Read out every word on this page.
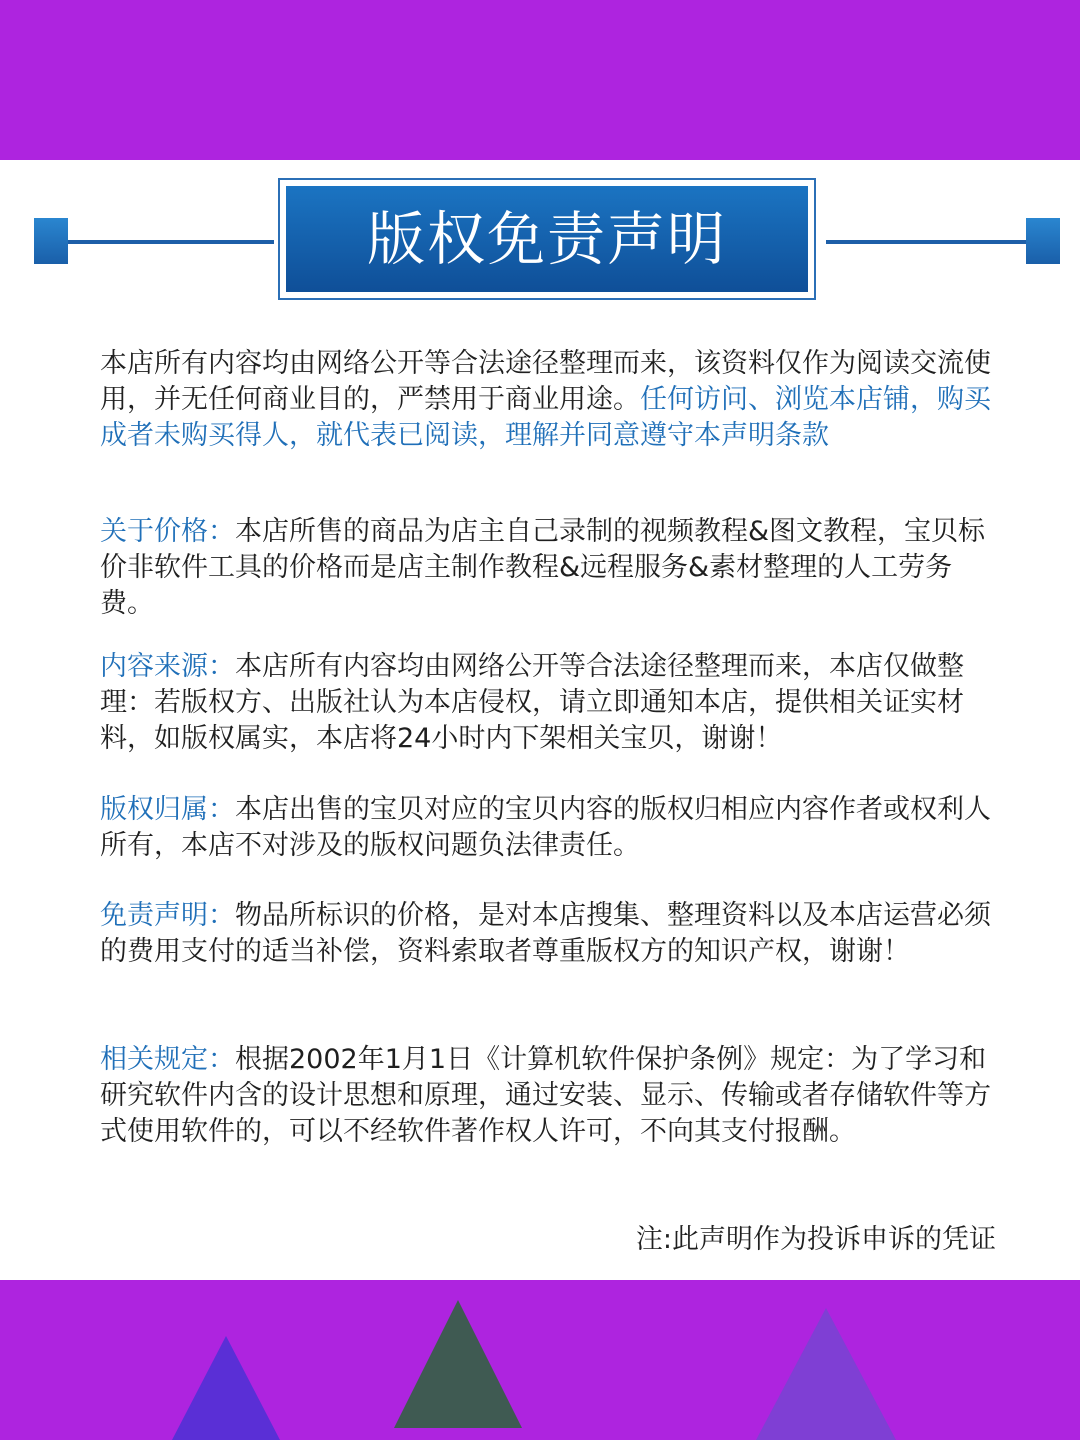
版权免责声明

本店所有内容均由网络公开等合法途径整理而来，该资料仅作为阅读交流使用，并无任何商业目的，严禁用于商业用途。任何访问、浏览本店铺，购买成者未购买得人，就代表已阅读，理解并同意遵守本声明条款

关于价格：本店所售的商品为店主自己录制的视频教程&图文教程，宝贝标价非软件工具的价格而是店主制作教程&远程服务&素材整理的人工劳务费。

内容来源：本店所有内容均由网络公开等合法途径整理而来，本店仅做整理：若版权方、出版社认为本店侵权，请立即通知本店，提供相关证实材料，如版权属实，本店将24小时内下架相关宝贝，谢谢！

版权归属：本店出售的宝贝对应的宝贝内容的版权归相应内容作者或权利人所有，本店不对涉及的版权问题负法律责任。

免责声明：物品所标识的价格，是对本店搜集、整理资料以及本店运营必须的费用支付的适当补偿，资料索取者尊重版权方的知识产权，谢谢！

相关规定：根据2002年1月1日《计算机软件保护条例》规定：为了学习和研究软件内含的设计思想和原理，通过安装、显示、传输或者存储软件等方式使用软件的，可以不经软件著作权人许可，不向其支付报酬。

注:此声明作为投诉申诉的凭证
